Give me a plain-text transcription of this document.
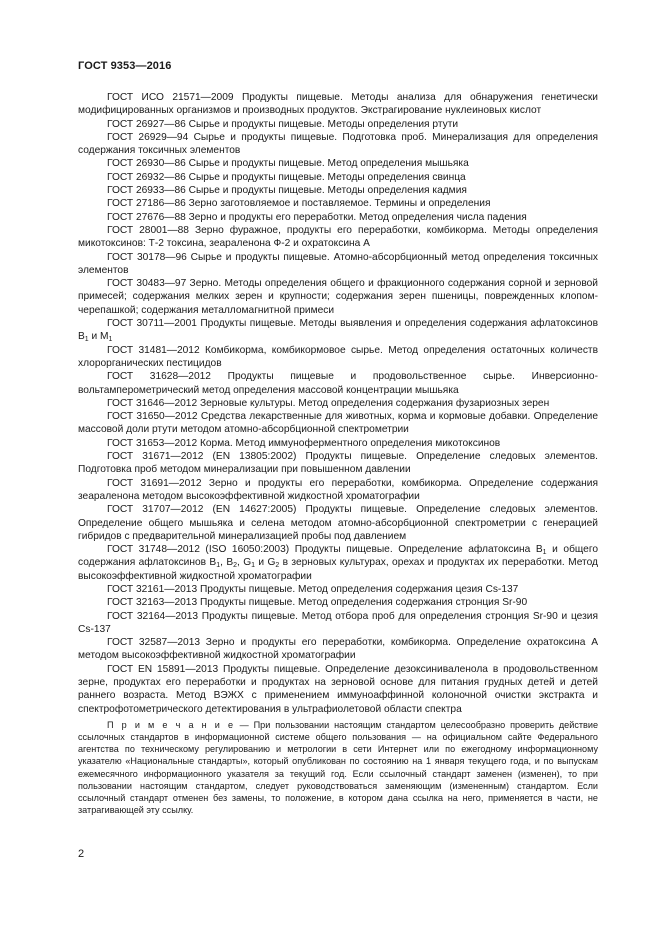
ГОСТ 9353—2016

ГОСТ ИСО 21571—2009 Продукты пищевые. Методы анализа для обнаружения генетически модифицированных организмов и производных продуктов. Экстрагирование нуклеиновых кислот

ГОСТ 26927—86 Сырье и продукты пищевые. Методы определения ртути

ГОСТ 26929—94 Сырье и продукты пищевые. Подготовка проб. Минерализация для определения содержания токсичных элементов

ГОСТ 26930—86 Сырье и продукты пищевые. Метод определения мышьяка

ГОСТ 26932—86 Сырье и продукты пищевые. Методы определения свинца

ГОСТ 26933—86 Сырье и продукты пищевые. Методы определения кадмия

ГОСТ 27186—86 Зерно заготовляемое и поставляемое. Термины и определения

ГОСТ 27676—88 Зерно и продукты его переработки. Метод определения числа падения

ГОСТ 28001—88 Зерно фуражное, продукты его переработки, комбикорма. Методы определения микотоксинов: Т-2 токсина, зеараленона Ф-2 и охратоксина А

ГОСТ 30178—96 Сырье и продукты пищевые. Атомно-абсорбционный метод определения токсичных элементов

ГОСТ 30483—97 Зерно. Методы определения общего и фракционного содержания сорной и зерновой примесей; содержания мелких зерен и крупности; содержания зерен пшеницы, поврежденных клопом-черепашкой; содержания металломагнитной примеси

ГОСТ 30711—2001 Продукты пищевые. Методы выявления и определения содержания афлатоксинов $B_1$ и $M_1$

ГОСТ 31481—2012 Комбикорма, комбикормовое сырье. Метод определения остаточных количеств хлорорганических пестицидов

ГОСТ 31628—2012 Продукты пищевые и продовольственное сырье. Инверсионно-вольтамперометрический метод определения массовой концентрации мышьяка

ГОСТ 31646—2012 Зерновые культуры. Метод определения содержания фузариозных зерен

ГОСТ 31650—2012 Средства лекарственные для животных, корма и кормовые добавки. Определение массовой доли ртути методом атомно-абсорбционной спектрометрии

ГОСТ 31653—2012 Корма. Метод иммуноферментного определения микотоксинов

ГОСТ 31671—2012 (EN 13805:2002) Продукты пищевые. Определение следовых элементов. Подготовка проб методом минерализации при повышенном давлении

ГОСТ 31691—2012 Зерно и продукты его переработки, комбикорма. Определение содержания зеараленона методом высокоэффективной жидкостной хроматографии

ГОСТ 31707—2012 (EN 14627:2005) Продукты пищевые. Определение следовых элементов. Определение общего мышьяка и селена методом атомно-абсорбционной спектрометрии с генерацией гибридов с предварительной минерализацией пробы под давлением

ГОСТ 31748—2012 (ISO 16050:2003) Продукты пищевые. Определение афлатоксина $B_1$ и общего содержания афлатоксинов $B_1$, $B_2$, $G_1$ и $G_2$ в зерновых культурах, орехах и продуктах их переработки. Метод высокоэффективной жидкостной хроматографии

ГОСТ 32161—2013 Продукты пищевые. Метод определения содержания цезия Cs-137

ГОСТ 32163—2013 Продукты пищевые. Метод определения содержания стронция Sr-90

ГОСТ 32164—2013 Продукты пищевые. Метод отбора проб для определения стронция Sr-90 и цезия Cs-137

ГОСТ 32587—2013 Зерно и продукты его переработки, комбикорма. Определение охратоксина А методом высокоэффективной жидкостной хроматографии

ГОСТ EN 15891—2013 Продукты пищевые. Определение дезоксиниваленола в продовольственном зерне, продуктах его переработки и продуктах на зерновой основе для питания грудных детей и детей раннего возраста. Метод ВЭЖХ с применением иммуноаффинной колоночной очистки экстракта и спектрофотометрического детектирования в ультрафиолетовой области спектра

П р и м е ч а н и е — При пользовании настоящим стандартом целесообразно проверить действие ссылочных стандартов в информационной системе общего пользования — на официальном сайте Федерального агентства по техническому регулированию и метрологии в сети Интернет или по ежегодному информационному указателю «Национальные стандарты», который опубликован по состоянию на 1 января текущего года, и по выпускам ежемесячного информационного указателя за текущий год. Если ссылочный стандарт заменен (изменен), то при пользовании настоящим стандартом, следует руководствоваться заменяющим (измененным) стандартом. Если ссылочный стандарт отменен без замены, то положение, в котором дана ссылка на него, применяется в части, не затрагивающей эту ссылку.

2
